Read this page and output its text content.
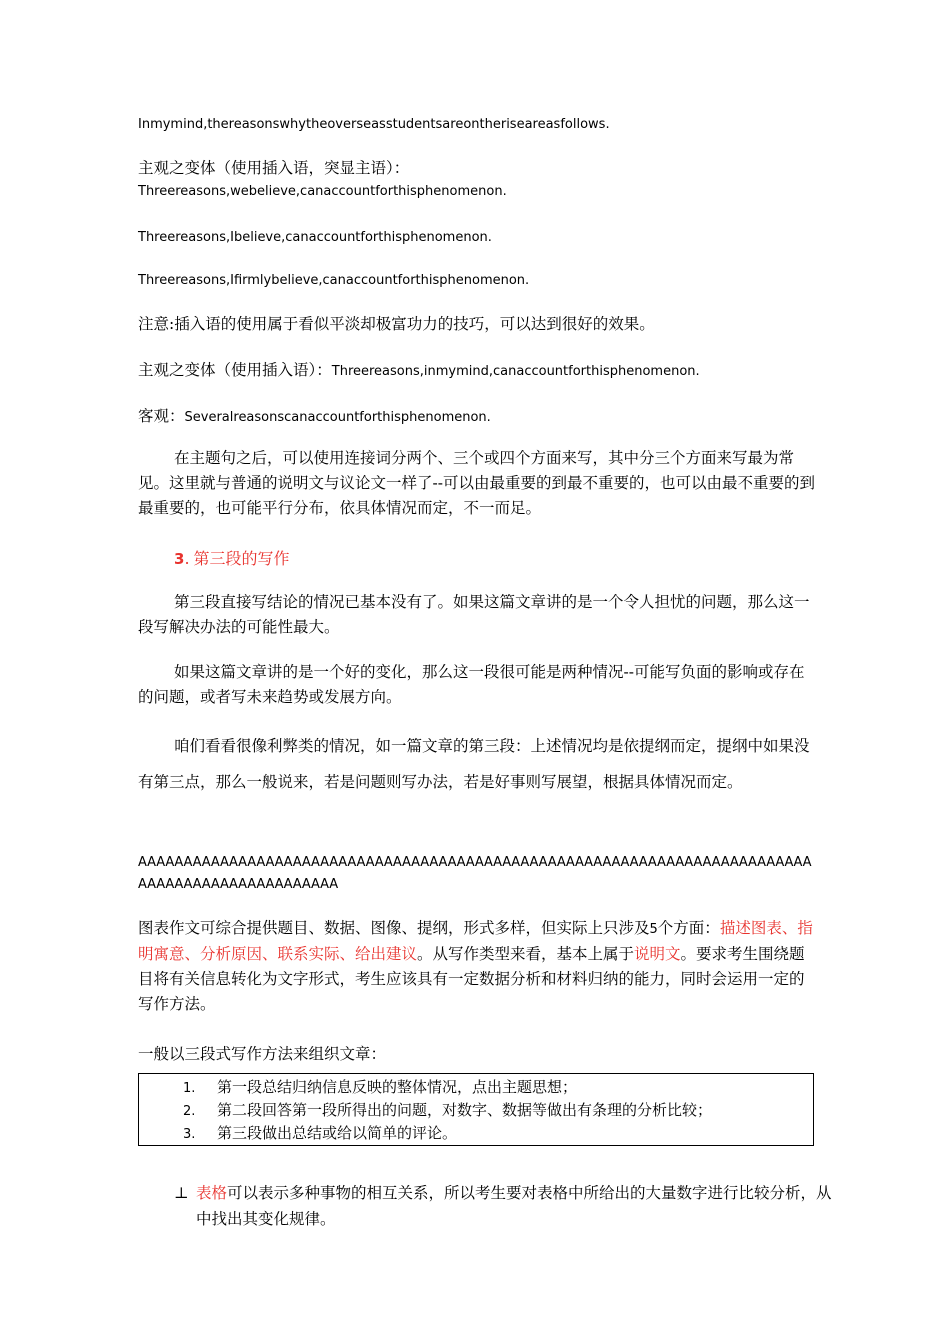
Inmymind,thereasonswhytheoverseasstudentsareontheriseareasfollows.
主观之变体（使用插入语，突显主语）：
Threereasons,webelieve,canaccountforthisphenomenon.
Threereasons,Ibelieve,canaccountforthisphenomenon.
Threereasons,Ifirmlybelieve,canaccountforthisphenomenon.
注意:插入语的使用属于看似平淡却极富功力的技巧，可以达到很好的效果。
主观之变体（使用插入语）：Threereasons,inmymind,canaccountforthisphenomenon.
客观：Severalreasonscanaccountforthisphenomenon.
在主题句之后，可以使用连接词分两个、三个或四个方面来写，其中分三个方面来写最为常见。这里就与普通的说明文与议论文一样了--可以由最重要的到最不重要的，也可以由最不重要的到最重要的，也可能平行分布，依具体情况而定，不一而足。
3. 第三段的写作
第三段直接写结论的情况已基本没有了。如果这篇文章讲的是一个令人担忧的问题，那么这一段写解决办法的可能性最大。
如果这篇文章讲的是一个好的变化，那么这一段很可能是两种情况--可能写负面的影响或存在的问题，或者写未来趋势或发展方向。
咱们看看很像利弊类的情况，如一篇文章的第三段：上述情况均是依提纲而定，提纲中如果没有第三点，那么一般说来，若是问题则写办法，若是好事则写展望，根据具体情况而定。
AAAAAAAAAAAAAAAAAAAAAAAAAAAAAAAAAAAAAAAAAAAAAAAAAAAAAAAAAAAAAAAAAAAAAAAAAAAAAAAAAAAAAAAAAAAAAAAA
图表作文可综合提供题目、数据、图像、提纲，形式多样，但实际上只涉及5个方面：描述图表、指明寓意、分析原因、联系实际、给出建议。从写作类型来看，基本上属于说明文。要求考生围绕题目将有关信息转化为文字形式，考生应该具有一定数据分析和材料归纳的能力，同时会运用一定的写作方法。
一般以三段式写作方法来组织文章：
1. 第一段总结归纳信息反映的整体情况，点出主题思想；
2. 第二段回答第一段所得出的问题，对数字、数据等做出有条理的分析比较；
3. 第三段做出总结或给以简单的评论。
⊥ 表格可以表示多种事物的相互关系，所以考生要对表格中所给出的大量数字进行比较分析，从中找出其变化规律。
